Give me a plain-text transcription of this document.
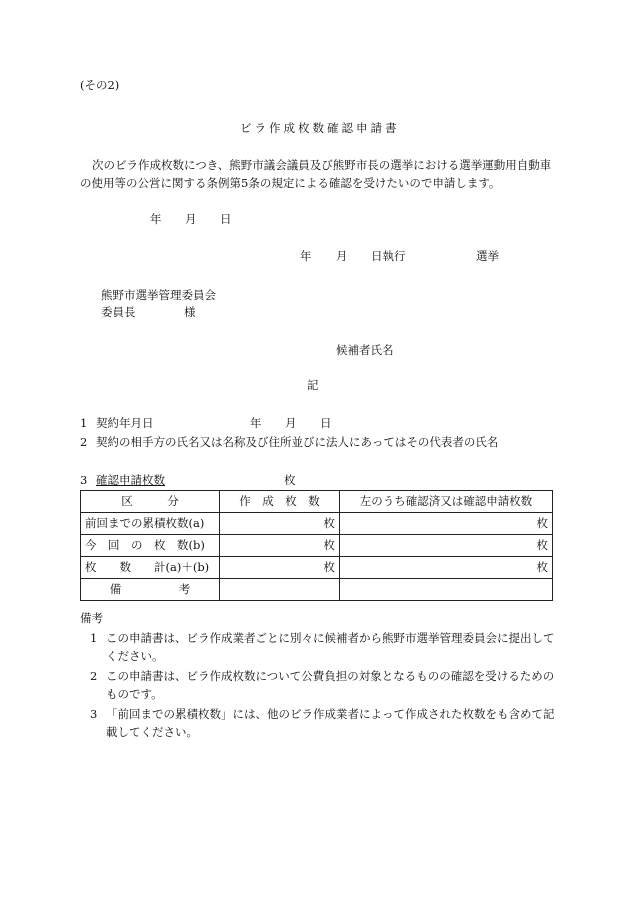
(その2)
ビラ作成枚数確認申請書
次のビラ作成枚数につき、熊野市議会議員及び熊野市長の選挙における選挙運動用自動車の使用等の公営に関する条例第5条の規定による確認を受けたいので申請します。
年 月 日
年 月 日執行	選挙
熊野市選挙管理委員会
委員長	様
候補者氏名
記
1 契約年月日	年 月 日
2 契約の相手方の氏名又は名称及び住所並びに法人にあってはその代表者の氏名
3 確認申請枚数	枚
区　　　分	作　成　枚　数	左のうち確認済又は確認申請枚数
前回までの累積枚数(a)	枚	枚
今　回　の　枚　数(b)	枚	枚
枚　　数　　計(a)＋(b)	枚	枚
備　　　　　考		
備考
1 この申請書は、ビラ作成業者ごとに別々に候補者から熊野市選挙管理委員会に提出してください。
2 この申請書は、ビラ作成枚数について公費負担の対象となるものの確認を受けるためのものです。
3 「前回までの累積枚数」には、他のビラ作成業者によって作成された枚数をも含めて記載してください。
